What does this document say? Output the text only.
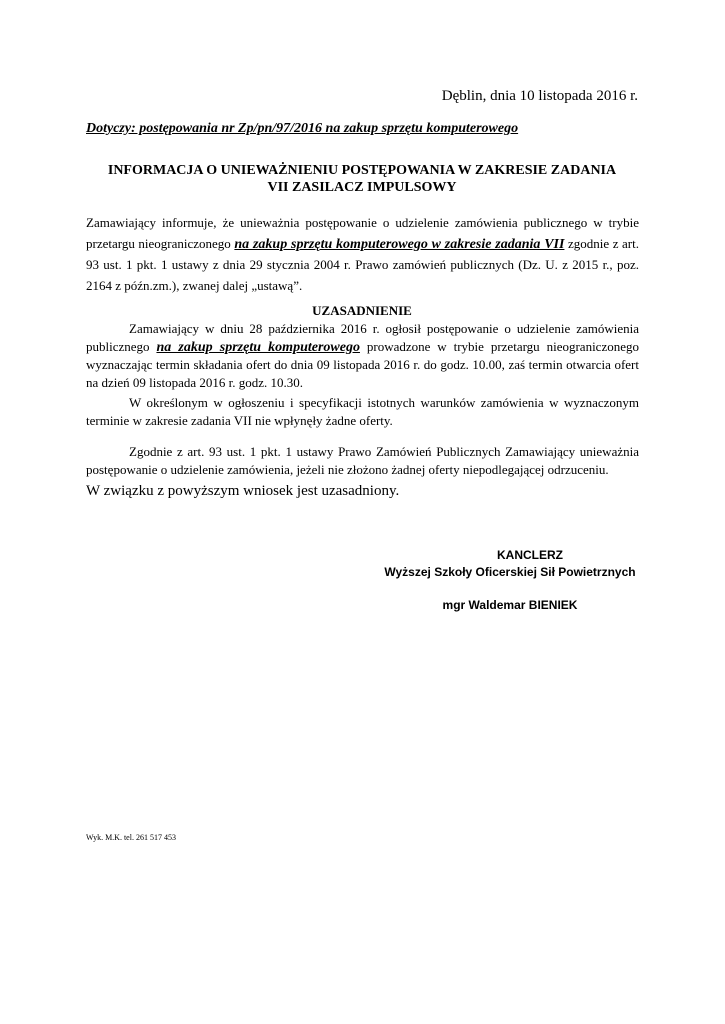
Dęblin, dnia 10 listopada 2016 r.
Dotyczy: postępowania nr Zp/pn/97/2016 na zakup sprzętu komputerowego
INFORMACJA O UNIEWAŻNIENIU POSTĘPOWANIA W ZAKRESIE ZADANIA
VII ZASILACZ IMPULSOWY
Zamawiający informuje, że unieważnia postępowanie o udzielenie zamówienia publicznego w trybie przetargu nieograniczonego na zakup sprzętu komputerowego w zakresie zadania VII zgodnie z art. 93 ust. 1 pkt. 1 ustawy z dnia 29 stycznia 2004 r. Prawo zamówień publicznych (Dz. U. z 2015 r., poz. 2164 z późn.zm.), zwanej dalej „ustawą”.
UZASADNIENIE
Zamawiający w dniu 28 października 2016 r. ogłosił postępowanie o udzielenie zamówienia publicznego na zakup sprzętu komputerowego prowadzone w trybie przetargu nieograniczonego wyznaczając termin składania ofert do dnia 09 listopada 2016 r. do godz. 10.00, zaś termin otwarcia ofert na dzień 09 listopada 2016 r. godz. 10.30.
W określonym w ogłoszeniu i specyfikacji istotnych warunków zamówienia w wyznaczonym terminie w zakresie zadania VII nie wpłynęły żadne oferty.
Zgodnie z art. 93 ust. 1 pkt. 1 ustawy Prawo Zamówień Publicznych Zamawiający unieważnia postępowanie o udzielenie zamówienia, jeżeli nie złożono żadnej oferty niepodlegającej odrzuceniu.
W związku z powyższym wniosek jest uzasadniony.
KANCLERZ
Wyższej Szkoły Oficerskiej Sił Powietrznych
mgr Waldemar BIENIEK
Wyk. M.K. tel. 261 517 453
